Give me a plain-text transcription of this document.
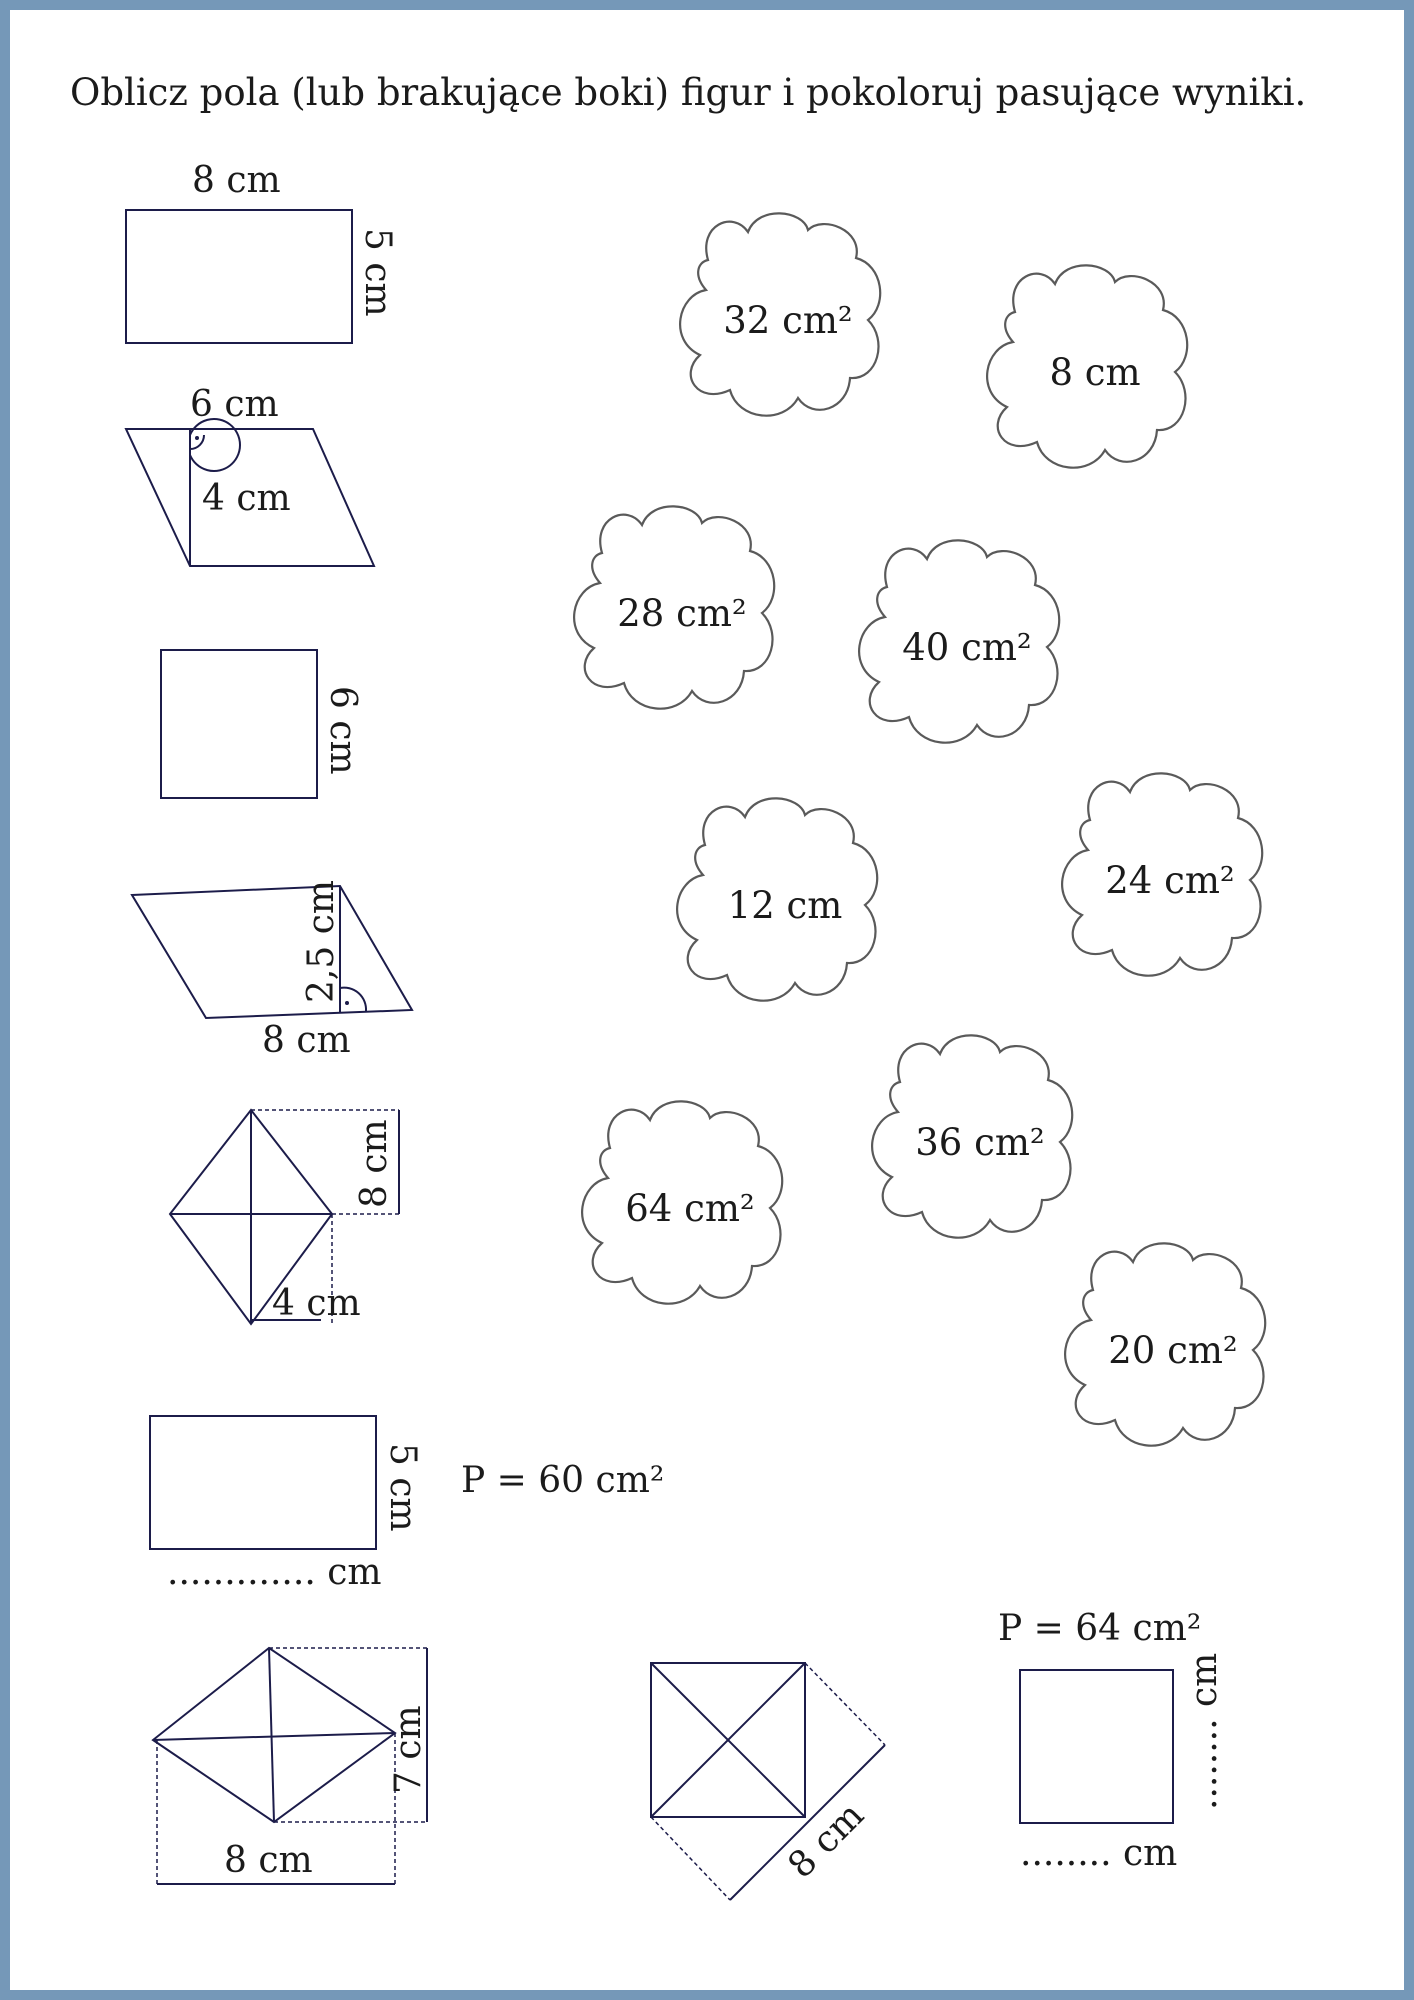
Oblicz pola (lub brakujące boki) figur i pokoloruj pasujące wyniki.
8 cm
5 cm
6 cm
4 cm
6 cm
2,5 cm
8 cm
8 cm
4 cm
5 cm P = 60 cm²
............. cm
7 cm
8 cm	8 cm
P = 64 cm²
........ cm
........ cm
32 cm²
8 cm
28 cm²
40 cm²
12 cm
24 cm²
36 cm²
64 cm²
20 cm²
